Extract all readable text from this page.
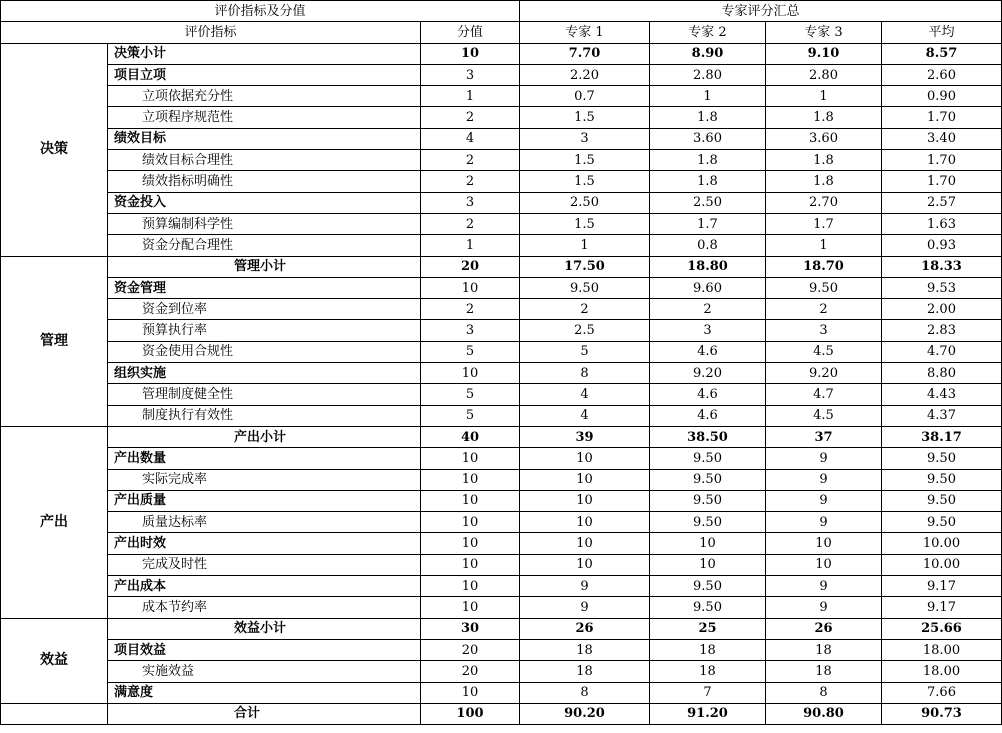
评价指标及分值			专家评分汇总			
评价指标		分值	专家 1	专家 2	专家 3	平均
决策	决策小计	10	7.70	8.90	9.10	8.57
	项目立项	3	2.20	2.80	2.80	2.60
	立项依据充分性	1	0.7	1	1	0.90
	立项程序规范性	2	1.5	1.8	1.8	1.70
	绩效目标	4	3	3.60	3.60	3.40
	绩效目标合理性	2	1.5	1.8	1.8	1.70
	绩效指标明确性	2	1.5	1.8	1.8	1.70
	资金投入	3	2.50	2.50	2.70	2.57
	预算编制科学性	2	1.5	1.7	1.7	1.63
	资金分配合理性	1	1	0.8	1	0.93
管理	管理小计	20	17.50	18.80	18.70	18.33
	资金管理	10	9.50	9.60	9.50	9.53
	资金到位率	2	2	2	2	2.00
	预算执行率	3	2.5	3	3	2.83
	资金使用合规性	5	5	4.6	4.5	4.70
	组织实施	10	8	9.20	9.20	8.80
	管理制度健全性	5	4	4.6	4.7	4.43
	制度执行有效性	5	4	4.6	4.5	4.37
产出	产出小计	40	39	38.50	37	38.17
	产出数量	10	10	9.50	9	9.50
	实际完成率	10	10	9.50	9	9.50
	产出质量	10	10	9.50	9	9.50
	质量达标率	10	10	9.50	9	9.50
	产出时效	10	10	10	10	10.00
	完成及时性	10	10	10	10	10.00
	产出成本	10	9	9.50	9	9.17
	成本节约率	10	9	9.50	9	9.17
效益	效益小计	30	26	25	26	25.66
	项目效益	20	18	18	18	18.00
	实施效益	20	18	18	18	18.00
	满意度	10	8	7	8	7.66
	合计	100	90.20	91.20	90.80	90.73
